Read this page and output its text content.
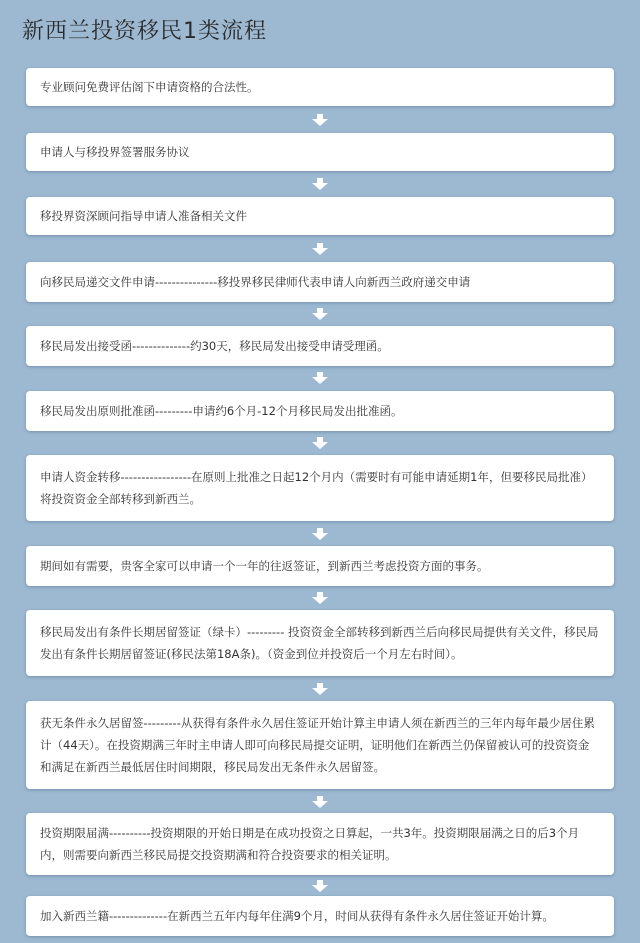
新西兰投资移民1类流程
专业顾问免费评估阁下申请资格的合法性。
申请人与移投界签署服务协议
移投界资深顾问指导申请人准备相关文件
向移民局递交文件申请---------------移投界移民律师代表申请人向新西兰政府递交申请
移民局发出接受函--------------约30天，移民局发出接受申请受理函。
移民局发出原则批准函---------申请约6个月-12个月移民局发出批准函。
申请人资金转移-----------------在原则上批准之日起12个月内（需要时有可能申请延期1年，但要移民局批准）将投资资金全部转移到新西兰。
期间如有需要，贵客全家可以申请一个一年的往返签证，到新西兰考虑投资方面的事务。
移民局发出有条件长期居留签证（绿卡）--------- 投资资金全部转移到新西兰后向移民局提供有关文件，移民局发出有条件长期居留签证(移民法第18A条)。（资金到位并投资后一个月左右时间）。
获无条件永久居留签---------从获得有条件永久居住签证开始计算主申请人须在新西兰的三年内每年最少居住累计（44天）。在投资期满三年时主申请人即可向移民局提交证明，证明他们在新西兰仍保留被认可的投资资金和满足在新西兰最低居住时间期限，移民局发出无条件永久居留签。
投资期限届满----------投资期限的开始日期是在成功投资之日算起，一共3年。投资期限届满之日的后3个月内，则需要向新西兰移民局提交投资期满和符合投资要求的相关证明。
加入新西兰籍--------------在新西兰五年内每年住满9个月，时间从获得有条件永久居住签证开始计算。
